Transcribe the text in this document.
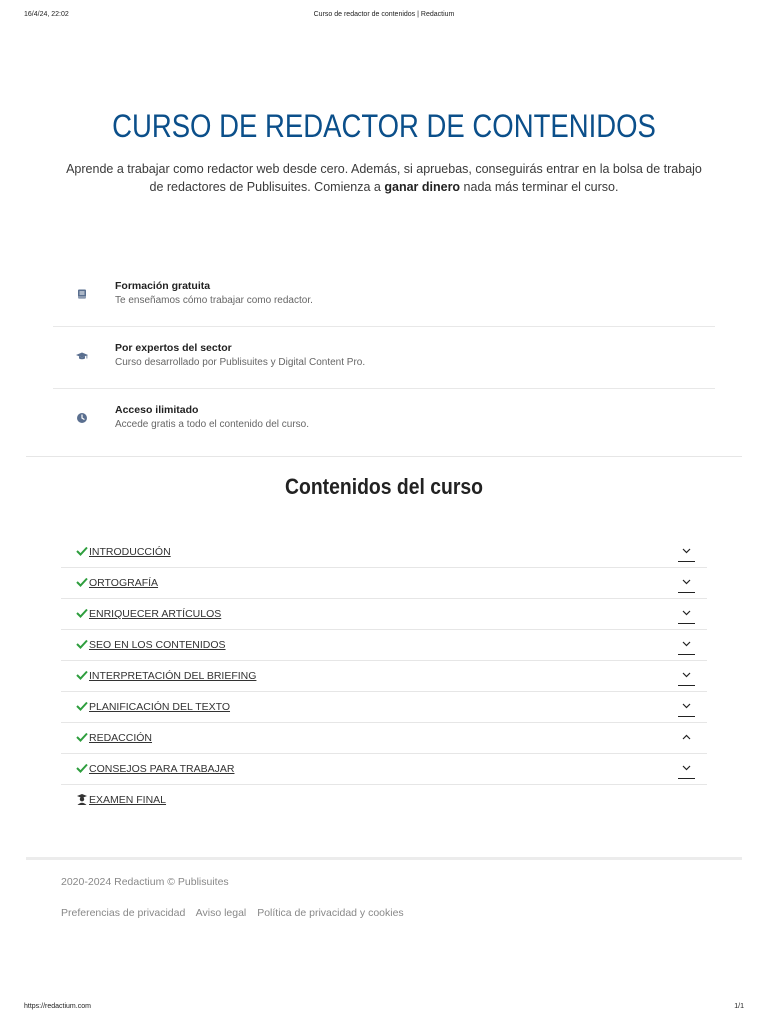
16/4/24, 22:02	Curso de redactor de contenidos | Redactium
CURSO DE REDACTOR DE CONTENIDOS

Aprende a trabajar como redactor web desde cero. Además, si apruebas, conseguirás entrar en la bolsa de trabajo de redactores de Publisuites. Comienza a ganar dinero nada más terminar el curso.

Formación gratuita
Te enseñamos cómo trabajar como redactor.
Por expertos del sector
Curso desarrollado por Publisuites y Digital Content Pro.
Acceso ilimitado
Accede gratis a todo el contenido del curso.
Contenidos del curso
INTRODUCCIÓN
ORTOGRAFÍA
ENRIQUECER ARTÍCULOS
SEO EN LOS CONTENIDOS
INTERPRETACIÓN DEL BRIEFING
PLANIFICACIÓN DEL TEXTO
REDACCIÓN
CONSEJOS PARA TRABAJAR
EXAMEN FINAL
2020-2024 Redactium © Publisuites
Preferencias de privacidad Aviso legal Política de privacidad y cookies
https://redactium.com	1/1
